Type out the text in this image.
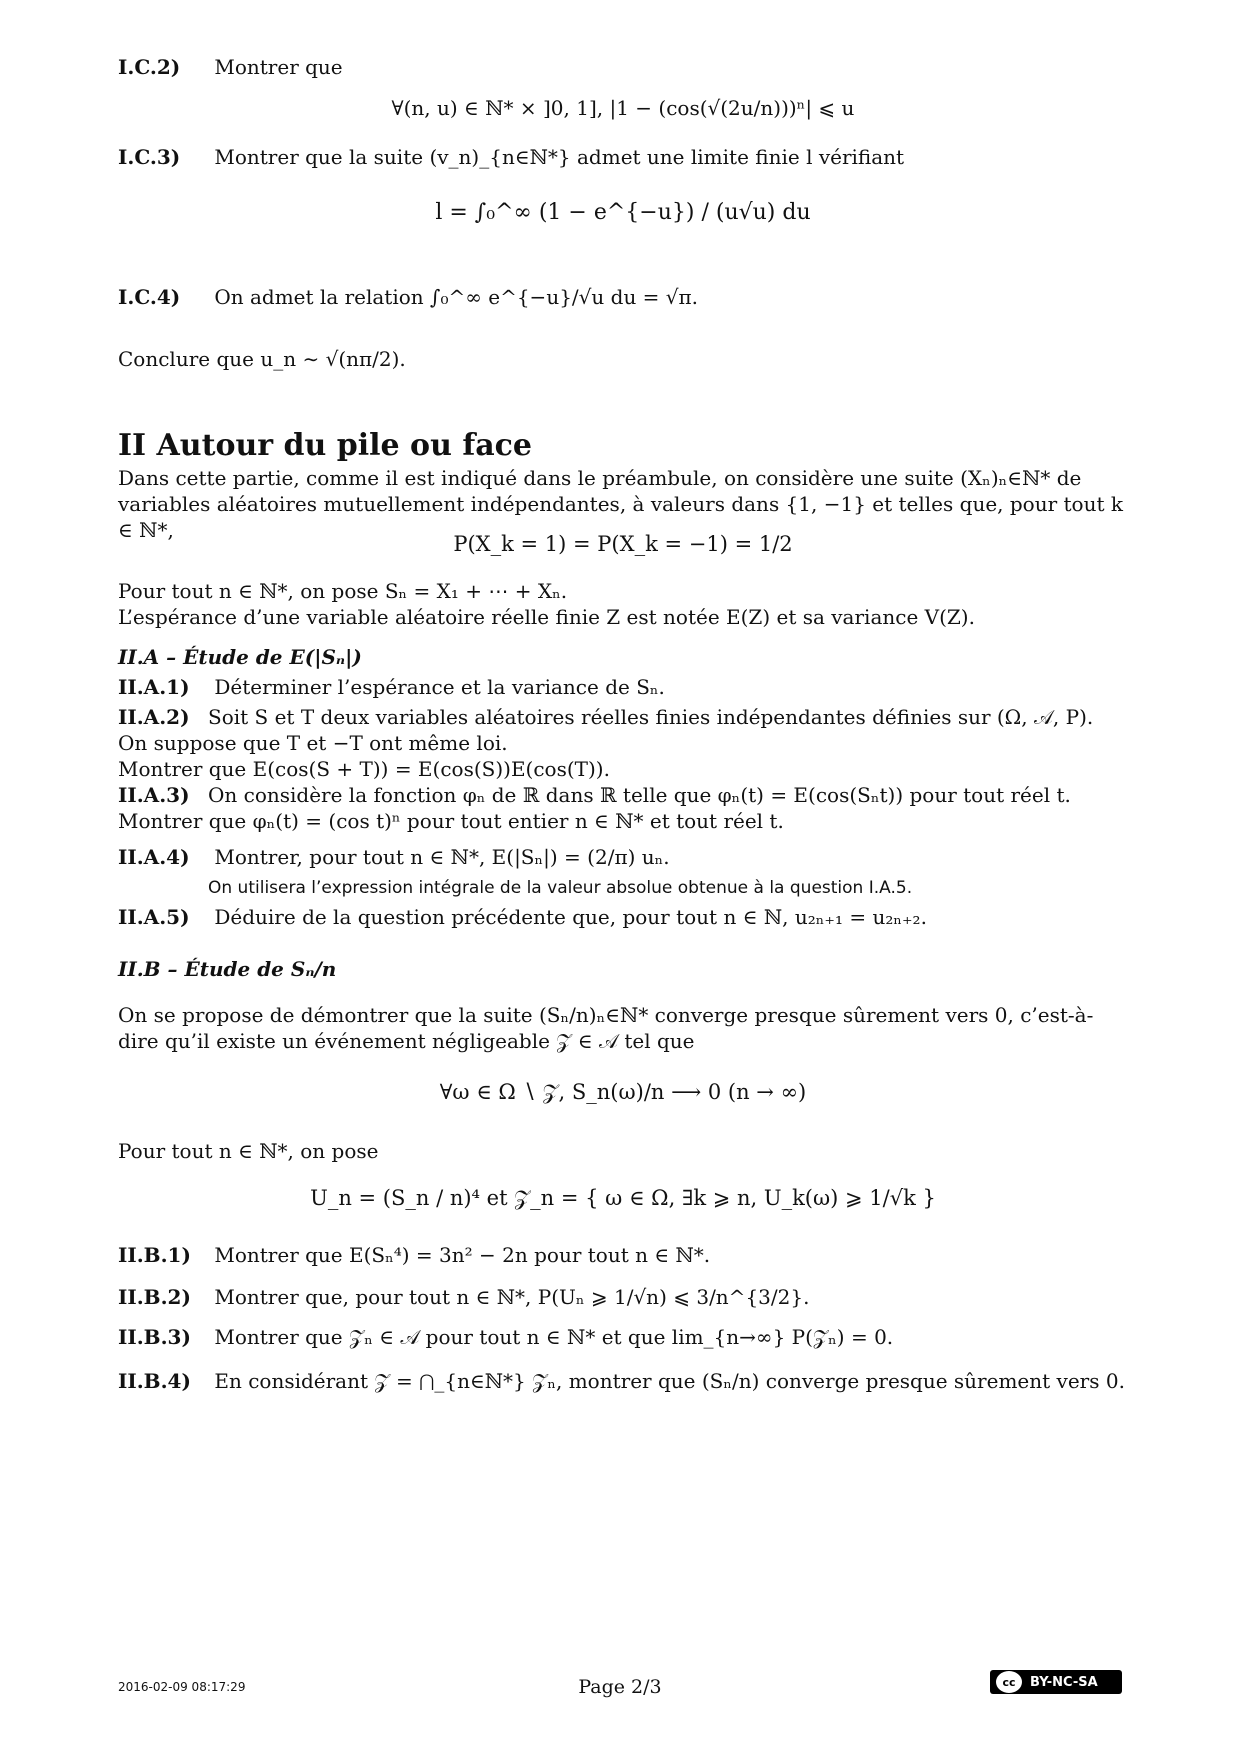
I.C.2) Montrer que
∀(n, u) ∈ ℕ* × ]0, 1], |1 − (cos(√(2u/n)))ⁿ| ⩽ u
I.C.3) Montrer que la suite (v_n)_{n∈ℕ*} admet une limite finie l vérifiant
l = ∫₀^∞ (1 − e^{−u}) / (u√u) du
I.C.4) On admet la relation ∫₀^∞ e^{−u}/√u du = √π.
Conclure que u_n ∼ √(nπ/2).
II Autour du pile ou face
Dans cette partie, comme il est indiqué dans le préambule, on considère une suite (Xₙ)ₙ∈ℕ* de variables aléatoires mutuellement indépendantes, à valeurs dans {1, −1} et telles que, pour tout k ∈ ℕ*,
P(X_k = 1) = P(X_k = −1) = 1/2
Pour tout n ∈ ℕ*, on pose Sₙ = X₁ + ⋯ + Xₙ.
L’espérance d’une variable aléatoire réelle finie Z est notée E(Z) et sa variance V(Z).
II.A – Étude de E(|Sₙ|)
II.A.1) Déterminer l’espérance et la variance de Sₙ.
II.A.2) Soit S et T deux variables aléatoires réelles finies indépendantes définies sur (Ω, 𝒜, P). On suppose que T et −T ont même loi.
Montrer que E(cos(S + T)) = E(cos(S))E(cos(T)).
II.A.3) On considère la fonction φₙ de ℝ dans ℝ telle que φₙ(t) = E(cos(Sₙt)) pour tout réel t.
Montrer que φₙ(t) = (cos t)ⁿ pour tout entier n ∈ ℕ* et tout réel t.
II.A.4) Montrer, pour tout n ∈ ℕ*, E(|Sₙ|) = (2/π) uₙ.
On utilisera l’expression intégrale de la valeur absolue obtenue à la question I.A.5.
II.A.5) Déduire de la question précédente que, pour tout n ∈ ℕ, u₂ₙ₊₁ = u₂ₙ₊₂.
II.B – Étude de Sₙ/n
On se propose de démontrer que la suite (Sₙ/n)ₙ∈ℕ* converge presque sûrement vers 0, c’est-à-dire qu’il existe un événement négligeable 𝒵 ∈ 𝒜 tel que
∀ω ∈ Ω ∖ 𝒵, S_n(ω)/n ⟶ 0 (n → ∞)
Pour tout n ∈ ℕ*, on pose
U_n = (S_n / n)⁴ et 𝒵_n = { ω ∈ Ω, ∃k ⩾ n, U_k(ω) ⩾ 1/√k }
II.B.1) Montrer que E(Sₙ⁴) = 3n² − 2n pour tout n ∈ ℕ*.
II.B.2) Montrer que, pour tout n ∈ ℕ*, P(Uₙ ⩾ 1/√n) ⩽ 3/n^{3/2}.
II.B.3) Montrer que 𝒵ₙ ∈ 𝒜 pour tout n ∈ ℕ* et que lim_{n→∞} P(𝒵ₙ) = 0.
II.B.4) En considérant 𝒵 = ⋂_{n∈ℕ*} 𝒵ₙ, montrer que (Sₙ/n) converge presque sûrement vers 0.
2016-02-09 08:17:29	Page 2/3	cc	BY-NC-SA
